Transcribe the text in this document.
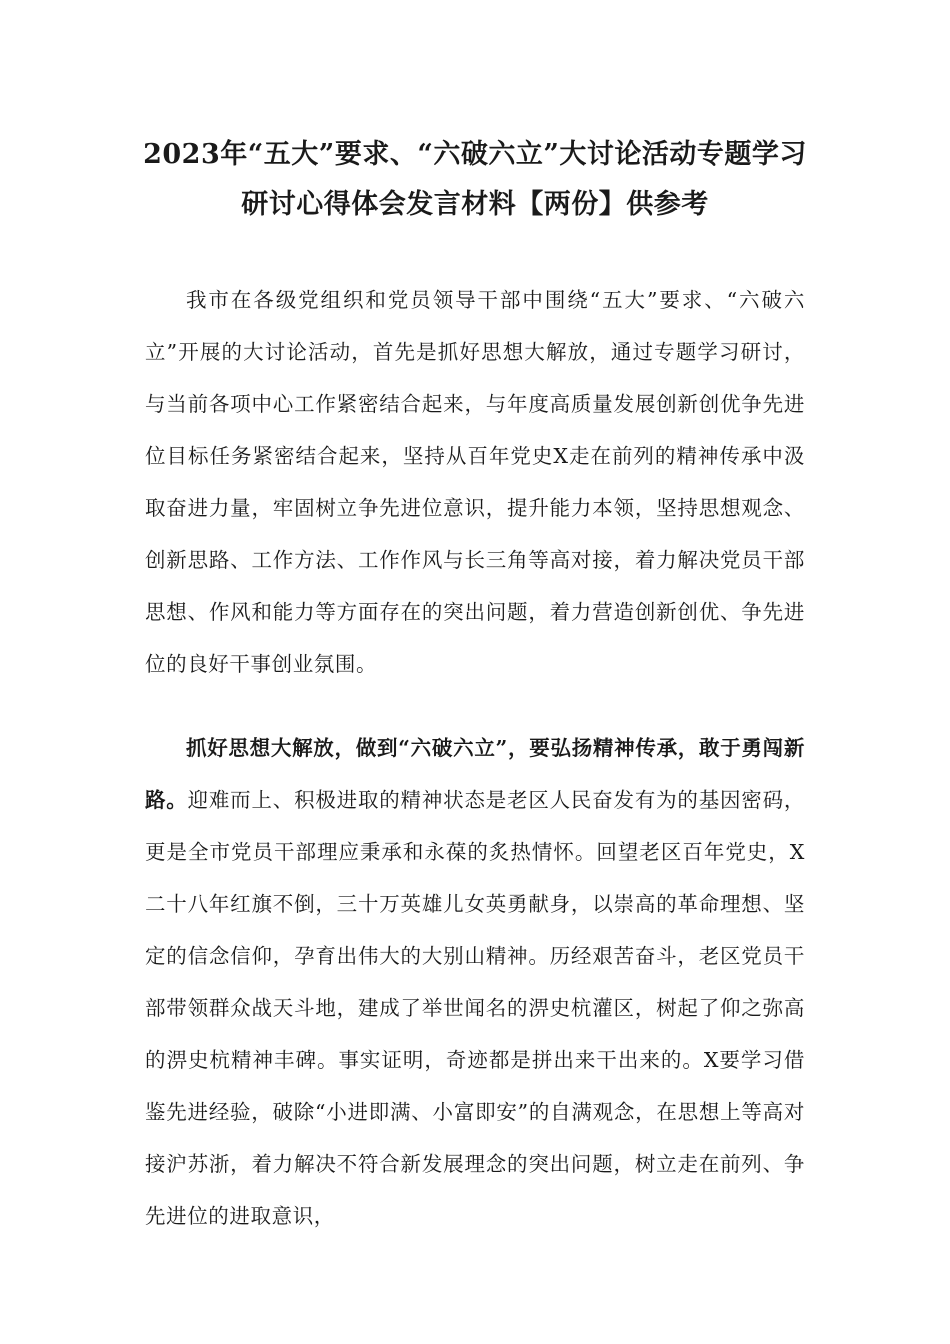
2023年“五大”要求、“六破六立”大讨论活动专题学习研讨心得体会发言材料【两份】供参考

我市在各级党组织和党员领导干部中围绕“五大”要求、“六破六立”开展的大讨论活动，首先是抓好思想大解放，通过专题学习研讨，与当前各项中心工作紧密结合起来，与年度高质量发展创新创优争先进位目标任务紧密结合起来，坚持从百年党史X走在前列的精神传承中汲取奋进力量，牢固树立争先进位意识，提升能力本领，坚持思想观念、创新思路、工作方法、工作作风与长三角等高对接，着力解决党员干部思想、作风和能力等方面存在的突出问题，着力营造创新创优、争先进位的良好干事创业氛围。

抓好思想大解放，做到“六破六立”，要弘扬精神传承，敢于勇闯新路。迎难而上、积极进取的精神状态是老区人民奋发有为的基因密码，更是全市党员干部理应秉承和永葆的炙热情怀。回望老区百年党史，X二十八年红旗不倒，三十万英雄儿女英勇献身，以崇高的革命理想、坚定的信念信仰，孕育出伟大的大别山精神。历经艰苦奋斗，老区党员干部带领群众战天斗地，建成了举世闻名的淠史杭灌区，树起了仰之弥高的淠史杭精神丰碑。事实证明，奇迹都是拼出来干出来的。X要学习借鉴先进经验，破除“小进即满、小富即安”的自满观念，在思想上等高对接沪苏浙，着力解决不符合新发展理念的突出问题，树立走在前列、争先进位的进取意识，
